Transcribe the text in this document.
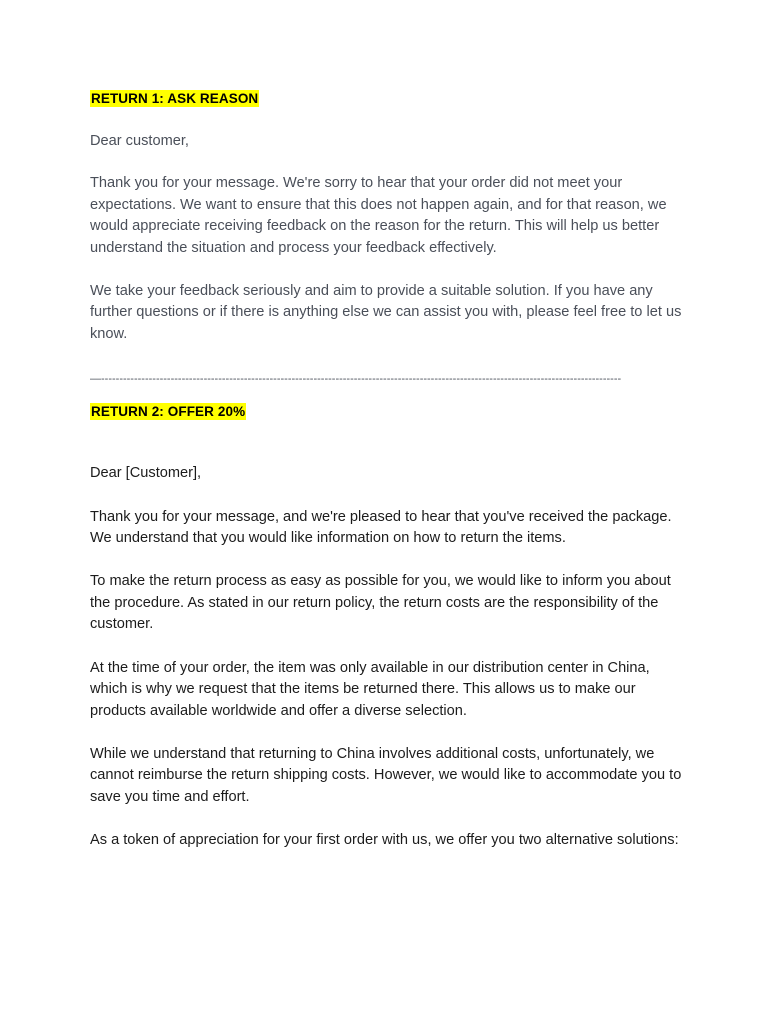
RETURN 1: ASK REASON

Dear customer,

Thank you for your message. We're sorry to hear that your order did not meet your expectations. We want to ensure that this does not happen again, and for that reason, we would appreciate receiving feedback on the reason for the return. This will help us better understand the situation and process your feedback effectively.

We take your feedback seriously and aim to provide a suitable solution. If you have any further questions or if there is anything else we can assist you with, please feel free to let us know.

—----------------------------------------------------------------------------------------------------------------------------------------------
RETURN 2: OFFER 20%

Dear [Customer],

Thank you for your message, and we're pleased to hear that you've received the package. We understand that you would like information on how to return the items.

To make the return process as easy as possible for you, we would like to inform you about the procedure. As stated in our return policy, the return costs are the responsibility of the customer.

At the time of your order, the item was only available in our distribution center in China, which is why we request that the items be returned there. This allows us to make our products available worldwide and offer a diverse selection.

While we understand that returning to China involves additional costs, unfortunately, we cannot reimburse the return shipping costs. However, we would like to accommodate you to save you time and effort.

As a token of appreciation for your first order with us, we offer you two alternative solutions:
